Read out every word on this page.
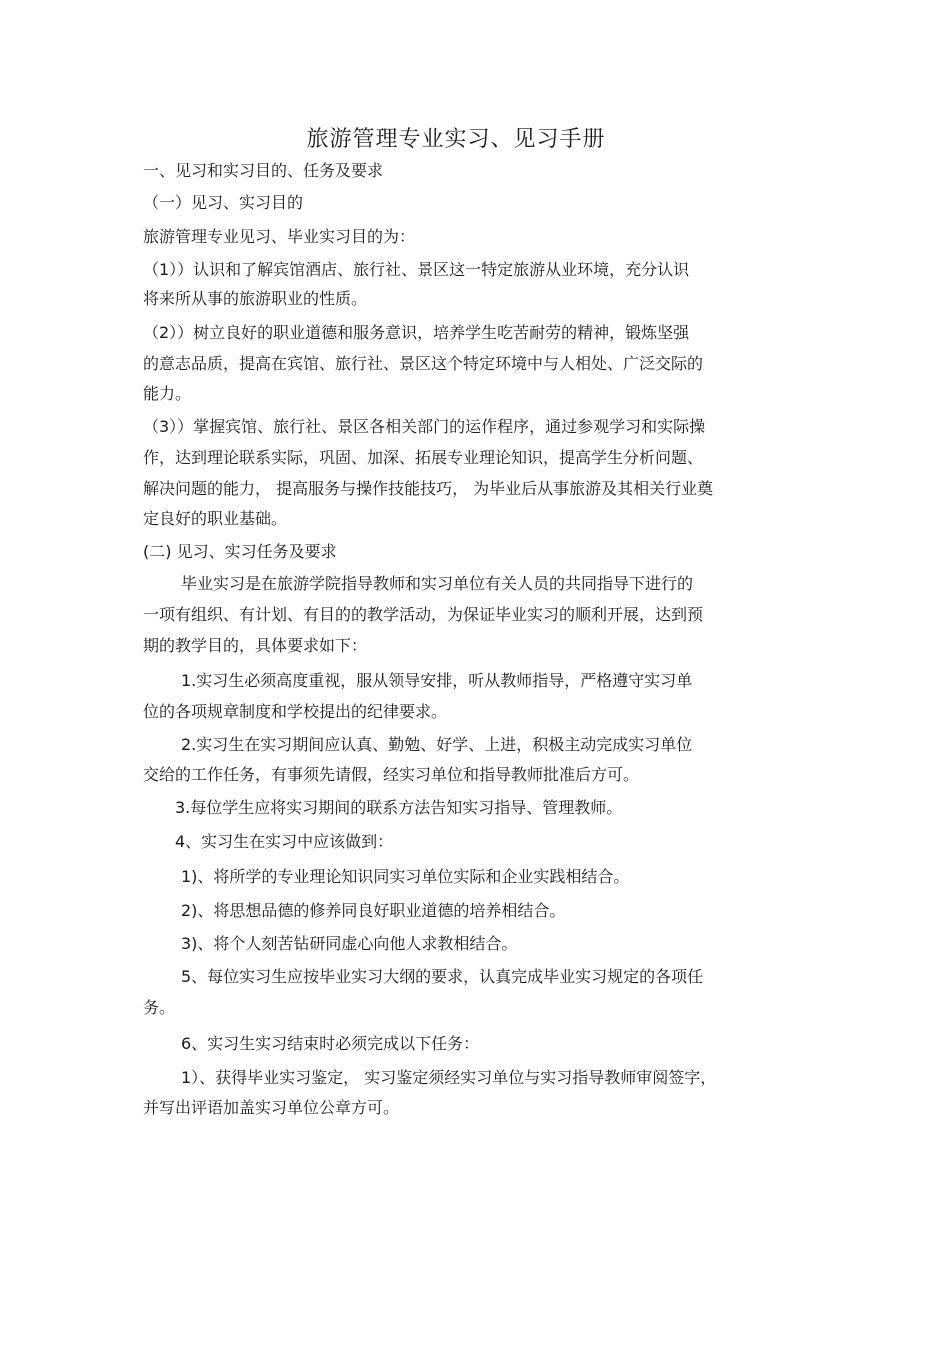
旅游管理专业实习、见习手册

一、见习和实习目的、任务及要求

（一）见习、实习目的

旅游管理专业见习、毕业实习目的为：

（1））认识和了解宾馆酒店、旅行社、景区这一特定旅游从业环境，充分认识

将来所从事的旅游职业的性质。

（2））树立良好的职业道德和服务意识，培养学生吃苦耐劳的精神，锻炼坚强

的意志品质，提高在宾馆、旅行社、景区这个特定环境中与人相处、广泛交际的

能力。

（3））掌握宾馆、旅行社、景区各相关部门的运作程序，通过参观学习和实际操

作，达到理论联系实际，巩固、加深、拓展专业理论知识，提高学生分析问题、

解决问题的能力， 提高服务与操作技能技巧， 为毕业后从事旅游及其相关行业奠

定良好的职业基础。

(二) 见习、实习任务及要求

毕业实习是在旅游学院指导教师和实习单位有关人员的共同指导下进行的

一项有组织、有计划、有目的的教学活动，为保证毕业实习的顺利开展，达到预

期的教学目的，具体要求如下：

1.实习生必须高度重视，服从领导安排，听从教师指导，严格遵守实习单

位的各项规章制度和学校提出的纪律要求。

2.实习生在实习期间应认真、勤勉、好学、上进，积极主动完成实习单位

交给的工作任务，有事须先请假，经实习单位和指导教师批准后方可。

3.每位学生应将实习期间的联系方法告知实习指导、管理教师。

4、实习生在实习中应该做到：

1)、将所学的专业理论知识同实习单位实际和企业实践相结合。

2)、将思想品德的修养同良好职业道德的培养相结合。

3)、将个人刻苦钻研同虚心向他人求教相结合。

5、每位实习生应按毕业实习大纲的要求，认真完成毕业实习规定的各项任

务。

6、实习生实习结束时必须完成以下任务：

1）、获得毕业实习鉴定， 实习鉴定须经实习单位与实习指导教师审阅签字，

并写出评语加盖实习单位公章方可。
